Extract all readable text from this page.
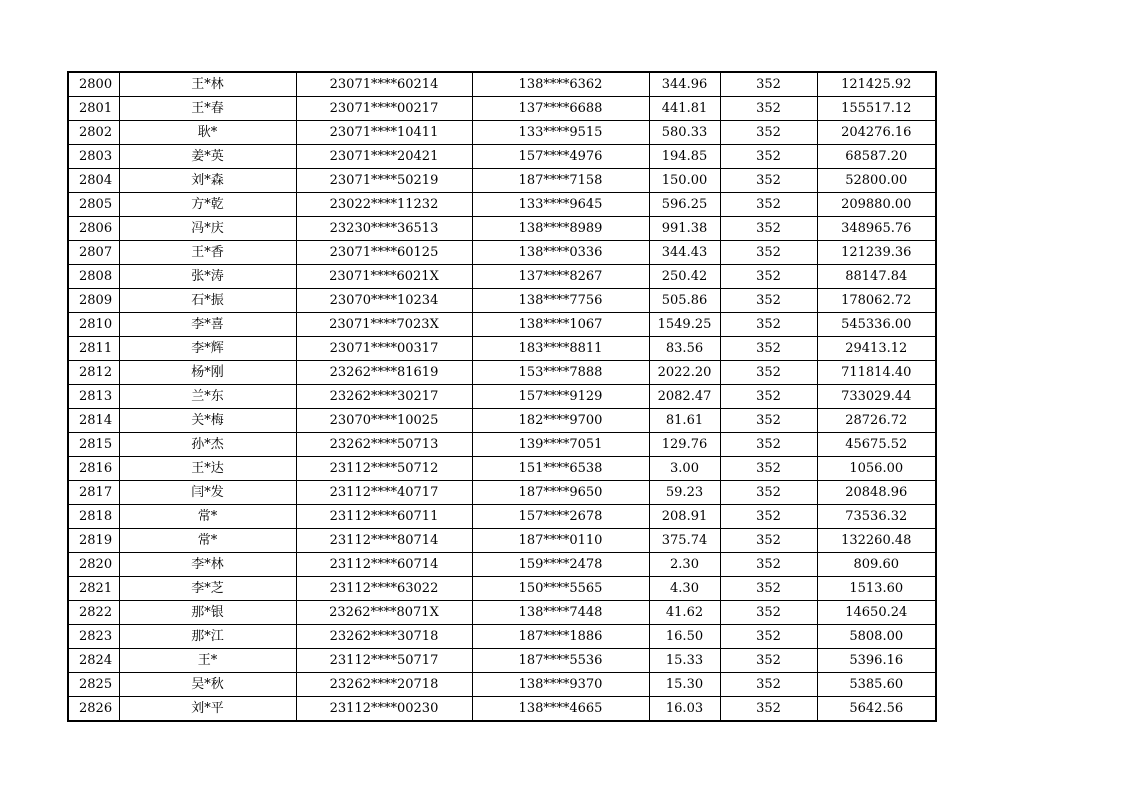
2800	王*林	23071****60214	138****6362	344.96	352	121425.92
2801	王*春	23071****00217	137****6688	441.81	352	155517.12
2802	耿*	23071****10411	133****9515	580.33	352	204276.16
2803	姜*英	23071****20421	157****4976	194.85	352	68587.20
2804	刘*森	23071****50219	187****7158	150.00	352	52800.00
2805	方*乾	23022****11232	133****9645	596.25	352	209880.00
2806	冯*庆	23230****36513	138****8989	991.38	352	348965.76
2807	王*香	23071****60125	138****0336	344.43	352	121239.36
2808	张*涛	23071****6021X	137****8267	250.42	352	88147.84
2809	石*振	23070****10234	138****7756	505.86	352	178062.72
2810	李*喜	23071****7023X	138****1067	1549.25	352	545336.00
2811	李*辉	23071****00317	183****8811	83.56	352	29413.12
2812	杨*刚	23262****81619	153****7888	2022.20	352	711814.40
2813	兰*东	23262****30217	157****9129	2082.47	352	733029.44
2814	关*梅	23070****10025	182****9700	81.61	352	28726.72
2815	孙*杰	23262****50713	139****7051	129.76	352	45675.52
2816	王*达	23112****50712	151****6538	3.00	352	1056.00
2817	闫*发	23112****40717	187****9650	59.23	352	20848.96
2818	常*	23112****60711	157****2678	208.91	352	73536.32
2819	常*	23112****80714	187****0110	375.74	352	132260.48
2820	李*林	23112****60714	159****2478	2.30	352	809.60
2821	李*芝	23112****63022	150****5565	4.30	352	1513.60
2822	那*银	23262****8071X	138****7448	41.62	352	14650.24
2823	那*江	23262****30718	187****1886	16.50	352	5808.00
2824	王*	23112****50717	187****5536	15.33	352	5396.16
2825	吴*秋	23262****20718	138****9370	15.30	352	5385.60
2826	刘*平	23112****00230	138****4665	16.03	352	5642.56
